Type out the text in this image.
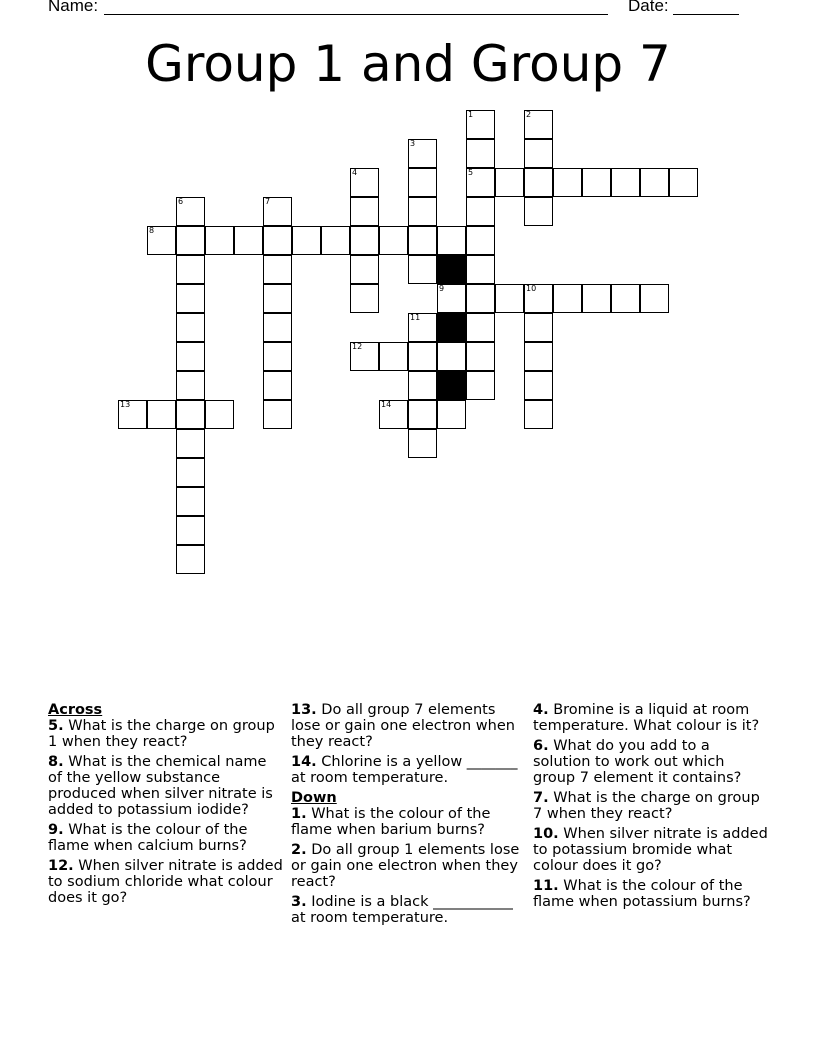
Name:	Date:
Group 1 and Group 7
1	2
3
4	5
6	7
8
9	10
11
12
13	14

Across

5. What is the charge on group 1 when they react?

8. What is the chemical name of the yellow substance produced when silver nitrate is added to potassium iodide?

9. What is the colour of the flame when calcium burns?

12. When silver nitrate is added to sodium chloride what colour does it go?

13. Do all group 7 elements lose or gain one electron when they react?

14. Chlorine is a yellow _______ at room temperature.

Down

1. What is the colour of the flame when barium burns?

2. Do all group 1 elements lose or gain one electron when they react?

3. Iodine is a black ___________ at room temperature.

4. Bromine is a liquid at room temperature. What colour is it?

6. What do you add to a solution to work out which group 7 element it contains?

7. What is the charge on group 7 when they react?

10. When silver nitrate is added to potassium bromide what colour does it go?

11. What is the colour of the flame when potassium burns?
